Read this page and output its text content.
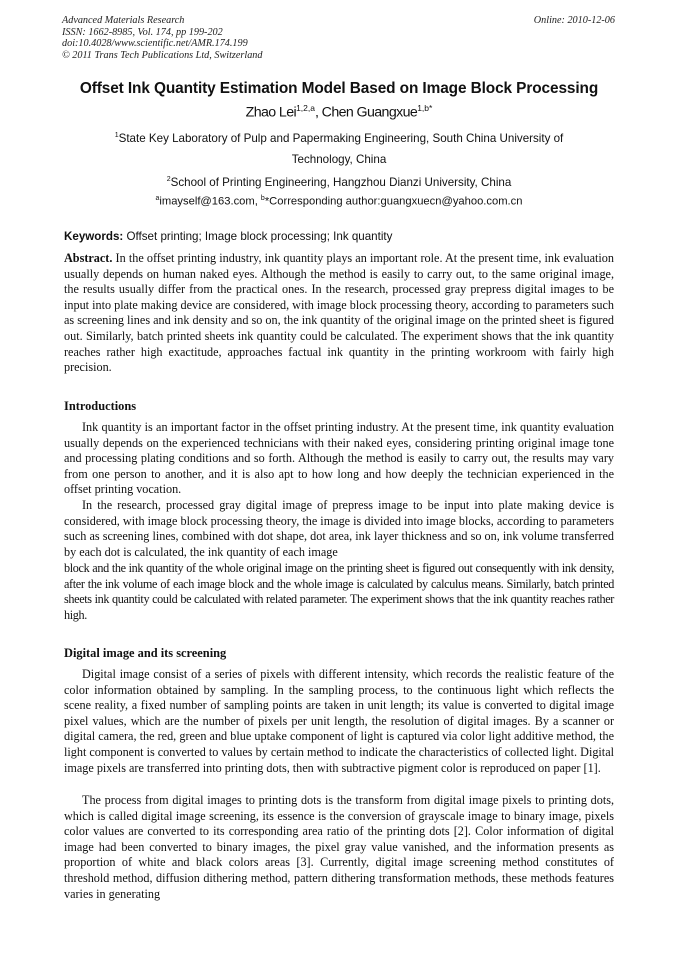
Advanced Materials Research
ISSN: 1662-8985, Vol. 174, pp 199-202
doi:10.4028/www.scientific.net/AMR.174.199
© 2011 Trans Tech Publications Ltd, Switzerland
Online: 2010-12-06
Offset Ink Quantity Estimation Model Based on Image Block Processing
Zhao Lei$^{1,2,a}$, Chen Guangxue$^{1,b*}$
$^1$State Key Laboratory of Pulp and Papermaking Engineering, South China University of
Technology, China
$^2$School of Printing Engineering, Hangzhou Dianzi University, China
$^a$imayself@163.com, $^b$*Corresponding author:guangxuecn@yahoo.com.cn
Keywords: Offset printing; Image block processing; Ink quantity
Abstract. In the offset printing industry, ink quantity plays an important role. At the present time, ink evaluation usually depends on human naked eyes. Although the method is easily to carry out, to the same original image, the results usually differ from the practical ones. In the research, processed gray prepress digital images to be input into plate making device are considered, with image block processing theory, according to parameters such as screening lines and ink density and so on, the ink quantity of the original image on the printed sheet is figured out. Similarly, batch printed sheets ink quantity could be calculated. The experiment shows that the ink quantity reaches rather high exactitude, approaches factual ink quantity in the printing workroom with fairly high precision.
Introductions
Ink quantity is an important factor in the offset printing industry. At the present time, ink quantity evaluation usually depends on the experienced technicians with their naked eyes, considering printing original image tone and processing plating conditions and so forth. Although the method is easily to carry out, the results may vary from one person to another, and it is also apt to how long and how deeply the technician experienced in the offset printing vocation.
In the research, processed gray digital image of prepress image to be input into plate making device is considered, with image block processing theory, the image is divided into image blocks, according to parameters such as screening lines, combined with dot shape, dot area, ink layer thickness and so on, ink volume transferred by each dot is calculated, the ink quantity of each image
block and the ink quantity of the whole original image on the printing sheet is figured out consequently with ink density, after the ink volume of each image block and the whole image is calculated by calculus means. Similarly, batch printed sheets ink quantity could be calculated with related parameter. The experiment shows that the ink quantity reaches rather high.
Digital image and its screening
Digital image consist of a series of pixels with different intensity, which records the realistic feature of the color information obtained by sampling. In the sampling process, to the continuous light which reflects the scene reality, a fixed number of sampling points are taken in unit length; its value is converted to digital image pixel values, which are the number of pixels per unit length, the resolution of digital images. By a scanner or digital camera, the red, green and blue uptake component of light is captured via color light additive method, the light component is converted to values by certain method to indicate the characteristics of collected light. Digital image pixels are transferred into printing dots, then with subtractive pigment color is reproduced on paper [1].
The process from digital images to printing dots is the transform from digital image pixels to printing dots, which is called digital image screening, its essence is the conversion of grayscale image to binary image, pixels color values are converted to its corresponding area ratio of the printing dots [2]. Color information of digital image had been converted to binary images, the pixel gray value vanished, and the information presents as proportion of white and black colors areas [3]. Currently, digital image screening method constitutes of threshold method, diffusion dithering method, pattern dithering transformation methods, these methods features varies in generating
